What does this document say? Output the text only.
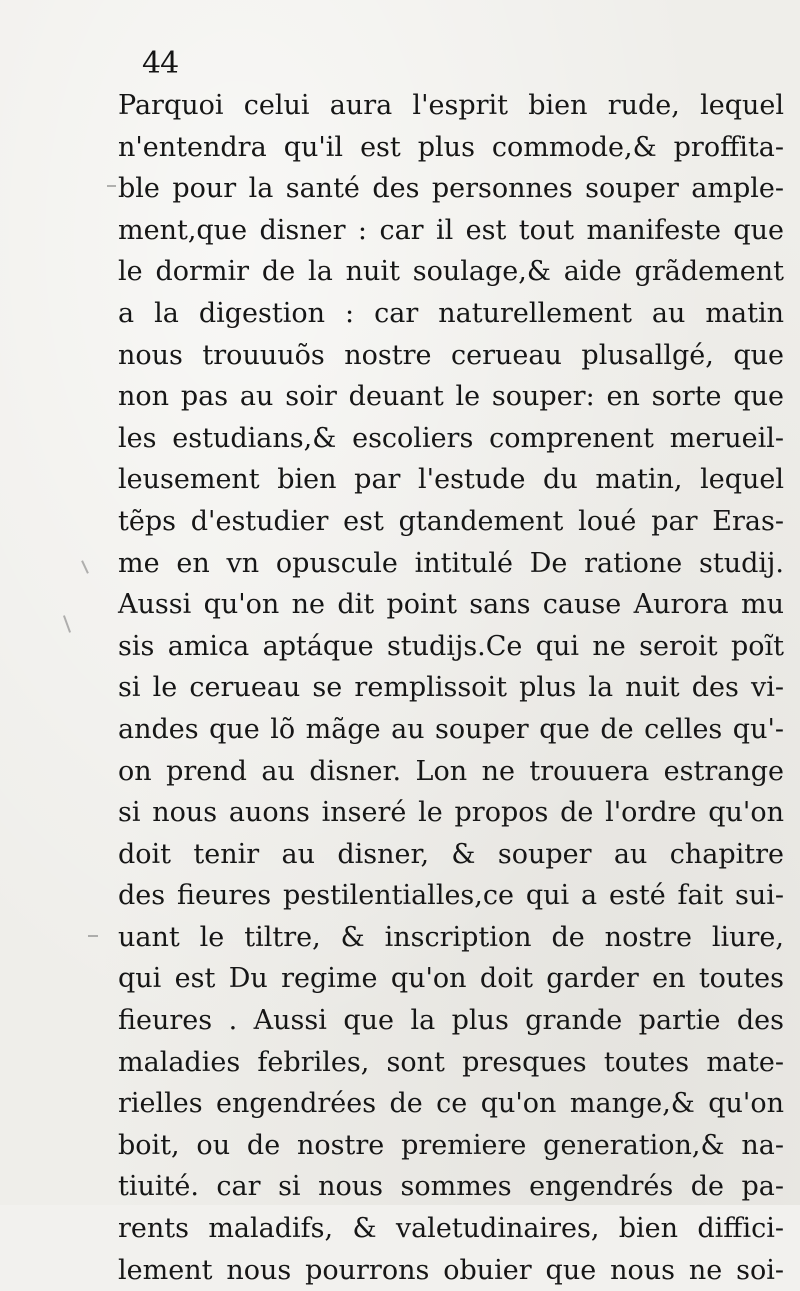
44
Parquoi celui aura l'esprit bien rude, lequel
n'entendra qu'il est plus commode,& proffita-
ble pour la santé des personnes souper ample-
ment,que disner : car il est tout manifeste que
le dormir de la nuit soulage,& aide grãdement
a la digestion : car naturellement au matin
nous trouuuõs nostre cerueau plusallgé, que
non pas au soir deuant le souper: en sorte que
les estudians,& escoliers comprenent merueil-
leusement bien par l'estude du matin, lequel
tẽps d'estudier est gtandement loué par Eras-
me en vn opuscule intitulé De ratione studij.
Aussi qu'on ne dit point sans cause Aurora mu
sis amica aptáque studijs.Ce qui ne seroit poĩt
si le cerueau se remplissoit plus la nuit des vi-
andes que lõ mãge au souper que de celles qu'-
on prend au disner. Lon ne trouuera estrange
si nous auons inseré le propos de l'ordre qu'on
doit tenir au disner, & souper au chapitre
des fieures pestilentialles,ce qui a esté fait sui-
uant le tiltre, & inscription de nostre liure,
qui est Du regime qu'on doit garder en toutes
fieures . Aussi que la plus grande partie des
maladies febriles, sont presques toutes mate-
rielles engendrées de ce qu'on mange,& qu'on
boit, ou de nostre premiere generation,& na-
tiuité. car si nous sommes engendrés de pa-
rents maladifs, & valetudinaires, bien diffici-
lement nous pourrons obuier que nous ne soi-
